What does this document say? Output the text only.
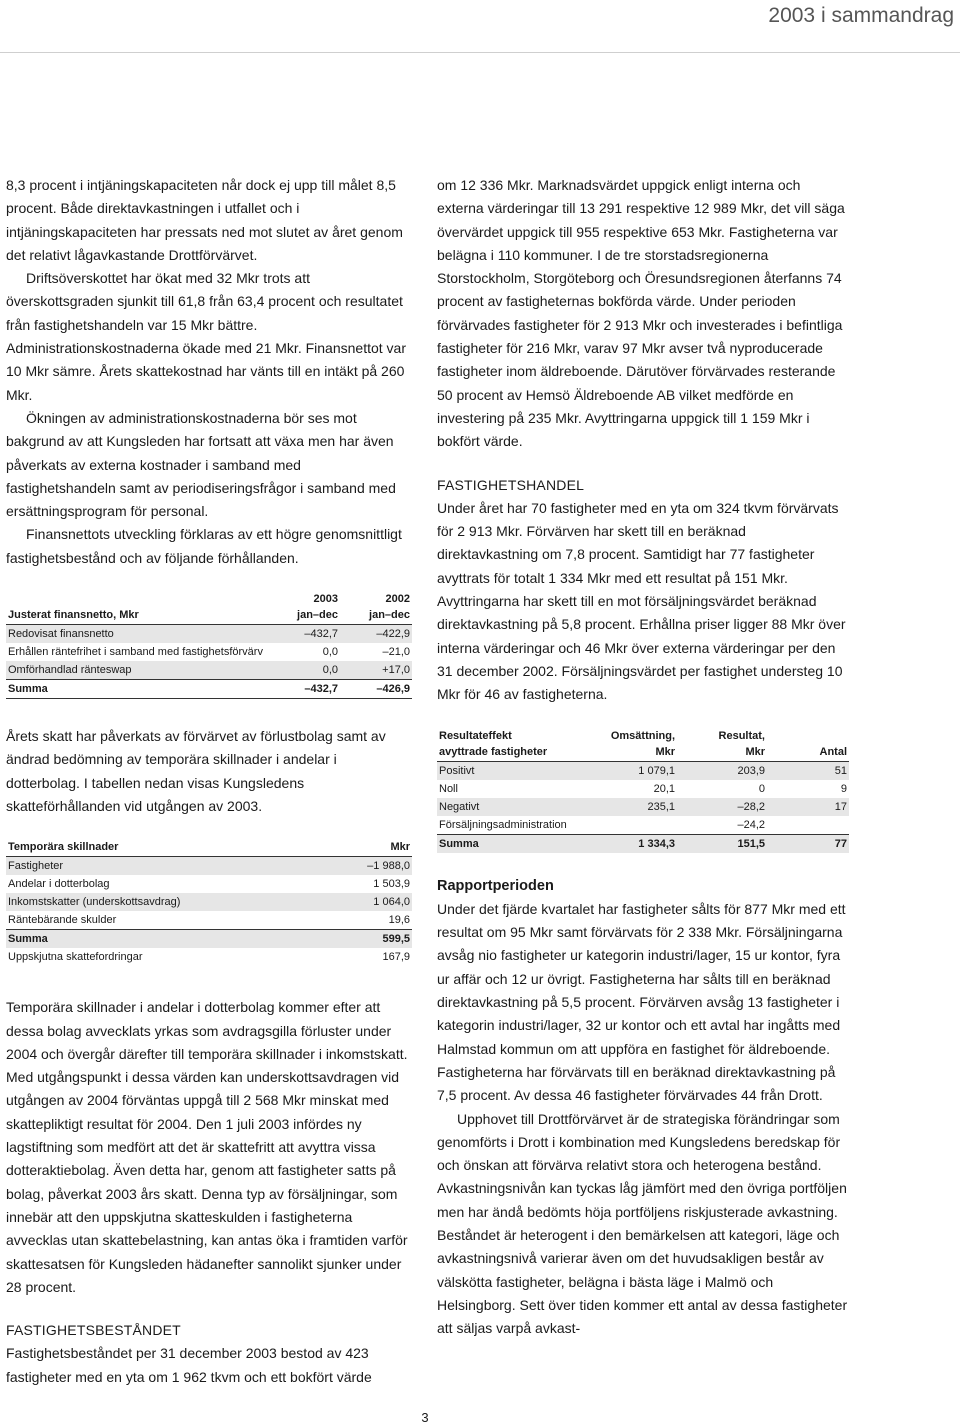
2003 i sammandrag

8,3 procent i intjäningskapaciteten når dock ej upp till målet 8,5 procent. Både direktavkastningen i utfallet och i intjäningskapaciteten har pressats ned mot slutet av året genom det relativt lågavkastande Drottförvärvet.

Driftsöverskottet har ökat med 32 Mkr trots att överskottsgraden sjunkit till 61,8 från 63,4 procent och resultatet från fastighetshandeln var 15 Mkr bättre. Administrationskostnaderna ökade med 21 Mkr. Finansnettot var 10 Mkr sämre. Årets skattekostnad har vänts till en intäkt på 260 Mkr.

Ökningen av administrationskostnaderna bör ses mot bakgrund av att Kungsleden har fortsatt att växa men har även påverkats av externa kostnader i samband med fastighetshandeln samt av periodiseringsfrågor i samband med ersättningsprogram för personal.

Finansnettots utveckling förklaras av ett högre genomsnittligt fastighetsbestånd och av följande förhållanden.

	2003	2002
Justerat finansnetto, Mkr	jan–dec	jan–dec
Redovisat finansnetto	–432,7	–422,9
Erhållen räntefrihet i samband med fastighetsförvärv	0,0	–21,0
Omförhandlad ränteswap	0,0	+17,0
Summa	–432,7	–426,9

Årets skatt har påverkats av förvärvet av förlustbolag samt av ändrad bedömning av temporära skillnader i andelar i dotterbolag. I tabellen nedan visas Kungsledens skatteförhållanden vid utgången av 2003.

Temporära skillnader	Mkr
Fastigheter	–1 988,0
Andelar i dotterbolag	1 503,9
Inkomstskatter (underskottsavdrag)	1 064,0
Räntebärande skulder	19,6
Summa	599,5
Uppskjutna skattefordringar	167,9

Temporära skillnader i andelar i dotterbolag kommer efter att dessa bolag avvecklats yrkas som avdragsgilla förluster under 2004 och övergår därefter till temporära skillnader i inkomstskatt. Med utgångspunkt i dessa värden kan underskottsavdragen vid utgången av 2004 förväntas uppgå till 2 568 Mkr minskat med skattepliktigt resultat för 2004. Den 1 juli 2003 infördes ny lagstiftning som medfört att det är skattefritt att avyttra vissa dotteraktiebolag. Även detta har, genom att fastigheter satts på bolag, påverkat 2003 års skatt. Denna typ av försäljningar, som innebär att den uppskjutna skatteskulden i fastigheterna avvecklas utan skattebelastning, kan antas öka i framtiden varför skattesatsen för Kungsleden hädanefter sannolikt sjunker under 28 procent.

FASTIGHETSBESTÅNDET

Fastighetsbeståndet per 31 december 2003 bestod av 423 fastigheter med en yta om 1 962 tkvm och ett bokfört värde

om 12 336 Mkr. Marknadsvärdet uppgick enligt interna och externa värderingar till 13 291 respektive 12 989 Mkr, det vill säga övervärdet uppgick till 955 respektive 653 Mkr. Fastigheterna var belägna i 110 kommuner. I de tre storstadsregionerna Storstockholm, Storgöteborg och Öresundsregionen återfanns 74 procent av fastigheternas bokförda värde. Under perioden förvärvades fastigheter för 2 913 Mkr och investerades i befintliga fastigheter för 216 Mkr, varav 97 Mkr avser två nyproducerade fastigheter inom äldreboende. Därutöver förvärvades resterande 50 procent av Hemsö Äldreboende AB vilket medförde en investering på 235 Mkr. Avyttringarna uppgick till 1 159 Mkr i bokfört värde.

FASTIGHETSHANDEL

Under året har 70 fastigheter med en yta om 324 tkvm förvärvats för 2 913 Mkr. Förvärven har skett till en beräknad direktavkastning om 7,8 procent. Samtidigt har 77 fastigheter avyttrats för totalt 1 334 Mkr med ett resultat på 151 Mkr. Avyttringarna har skett till en mot försäljningsvärdet beräknad direktavkastning på 5,8 procent. Erhållna priser ligger 88 Mkr över interna värderingar och 46 Mkr över externa värderingar per den 31 december 2002. Försäljningsvärdet per fastighet understeg 10 Mkr för 46 av fastigheterna.

Resultateffekt	Omsättning,	Resultat,	
avyttrade fastigheter	Mkr	Mkr	Antal
Positivt	1 079,1	203,9	51
Noll	20,1	0	9
Negativt	235,1	–28,2	17
Försäljningsadministration		–24,2	
Summa	1 334,3	151,5	77
Rapportperioden

Under det fjärde kvartalet har fastigheter sålts för 877 Mkr med ett resultat om 95 Mkr samt förvärvats för 2 338 Mkr. Försäljningarna avsåg nio fastigheter ur kategorin industri/lager, 15 ur kontor, fyra ur affär och 12 ur övrigt. Fastigheterna har sålts till en beräknad direktavkastning på 5,5 procent. Förvärven avsåg 13 fastigheter i kategorin industri/lager, 32 ur kontor och ett avtal har ingåtts med Halmstad kommun om att uppföra en fastighet för äldreboende. Fastigheterna har förvärvats till en beräknad direktavkastning på 7,5 procent. Av dessa 46 fastigheter förvärvades 44 från Drott.

Upphovet till Drottförvärvet är de strategiska förändringar som genomförts i Drott i kombination med Kungsledens beredskap för och önskan att förvärva relativt stora och heterogena bestånd. Avkastningsnivån kan tyckas låg jämfört med den övriga portföljen men har ändå bedömts höja portföljens riskjusterade avkastning. Beståndet är heterogent i den bemärkelsen att kategori, läge och avkastningsnivå varierar även om det huvudsakligen består av välskötta fastigheter, belägna i bästa läge i Malmö och Helsingborg. Sett över tiden kommer ett antal av dessa fastigheter att säljas varpå avkast-

3
